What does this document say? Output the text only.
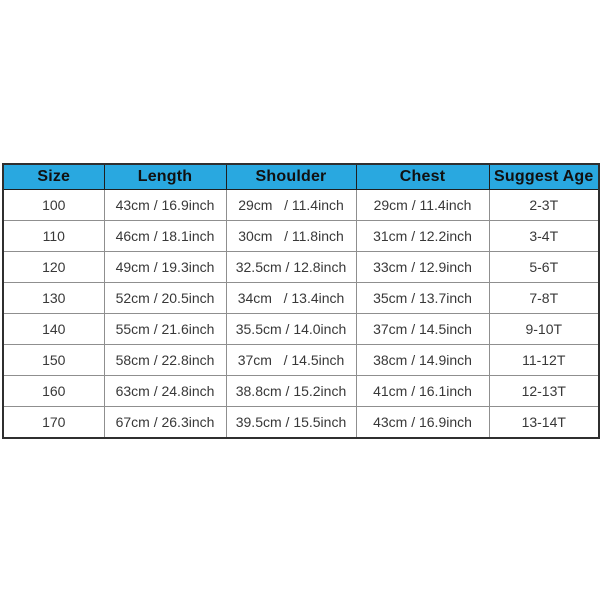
Size	Length	Shoulder	Chest	Suggest Age
100	43cm / 16.9inch	29cm   / 11.4inch	29cm / 11.4inch	2-3T
110	46cm / 18.1inch	30cm   / 11.8inch	31cm / 12.2inch	3-4T
120	49cm / 19.3inch	32.5cm / 12.8inch	33cm / 12.9inch	5-6T
130	52cm / 20.5inch	34cm   / 13.4inch	35cm / 13.7inch	7-8T
140	55cm / 21.6inch	35.5cm / 14.0inch	37cm / 14.5inch	9-10T
150	58cm / 22.8inch	37cm   / 14.5inch	38cm / 14.9inch	11-12T
160	63cm / 24.8inch	38.8cm / 15.2inch	41cm / 16.1inch	12-13T
170	67cm / 26.3inch	39.5cm / 15.5inch	43cm / 16.9inch	13-14T
